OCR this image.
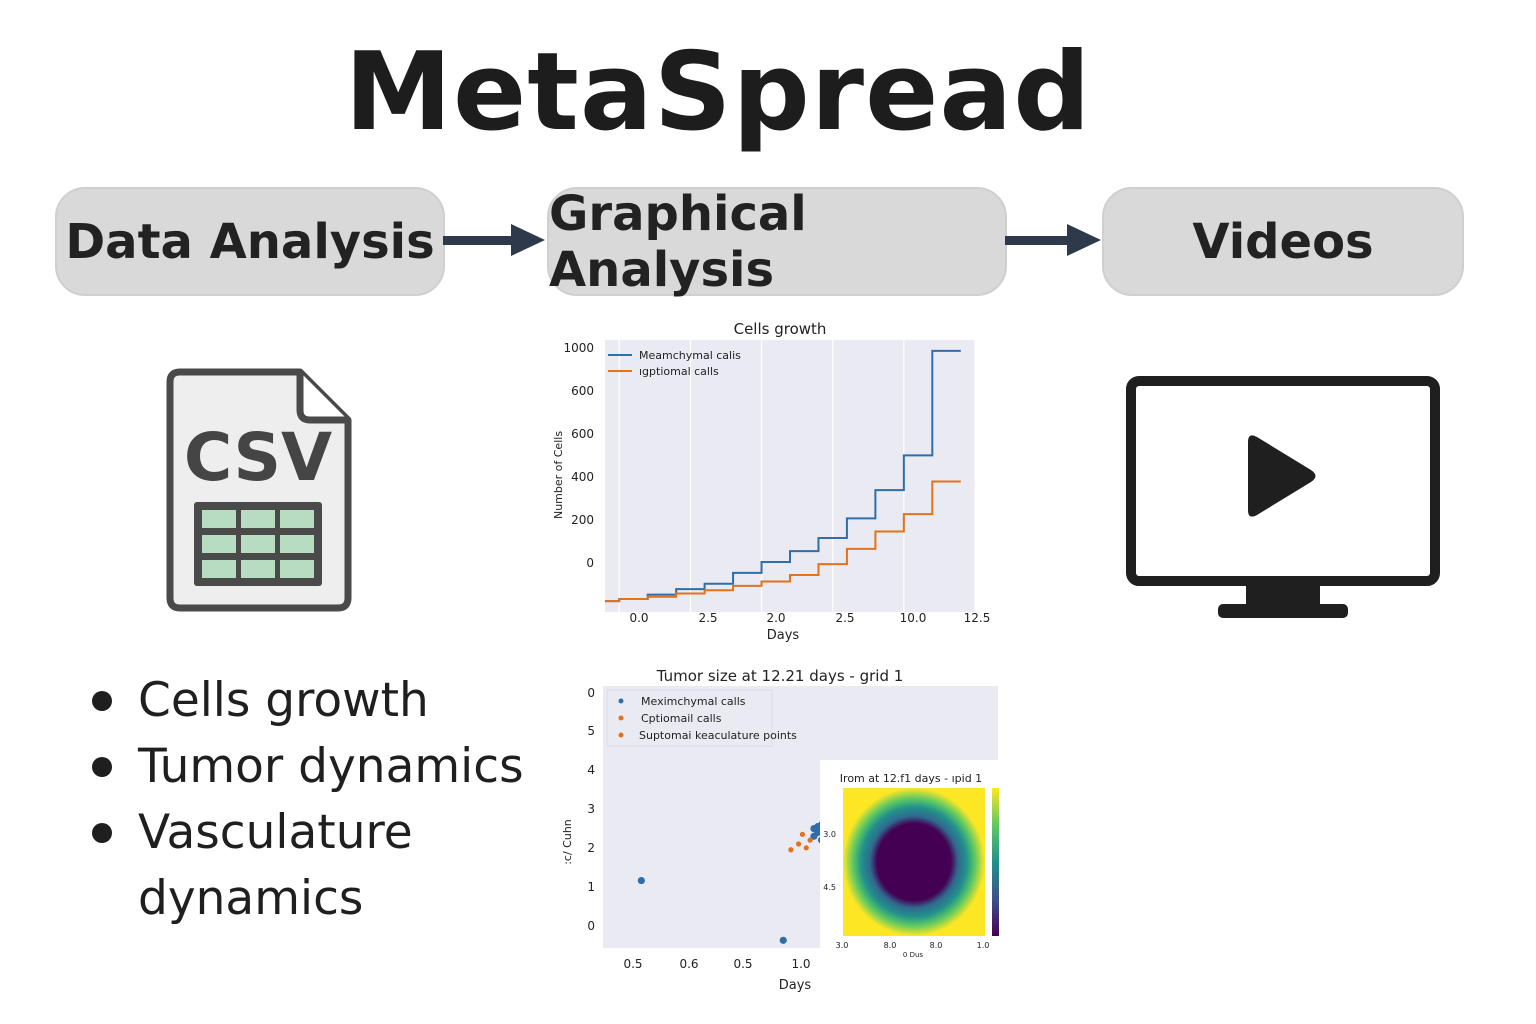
MetaSpread
Data Analysis Graphical Analysis	Videos
CSV
Cells growth
Tumor dynamics
Vasculature
dynamics
Cells growth
1000
600
600
400
200
0
0.0	2.5	2.0	2.5	10.0	12.5
Days
Number of Cells
Meamchymal calis
ıgptiomal calls
Tumor size at 12.21 days - grid 1
0
5
4
3
2
1
0
0.5	0.6	0.5	1.0
Days
:c/ Cuhn
Meximchymal calls
Cptiomail calls
Suptomai keaculature points
Irom at 12.f1 days - ıpid 1
3.0
4.5
3.0	8.0	8.0	1.0
0 Dus
